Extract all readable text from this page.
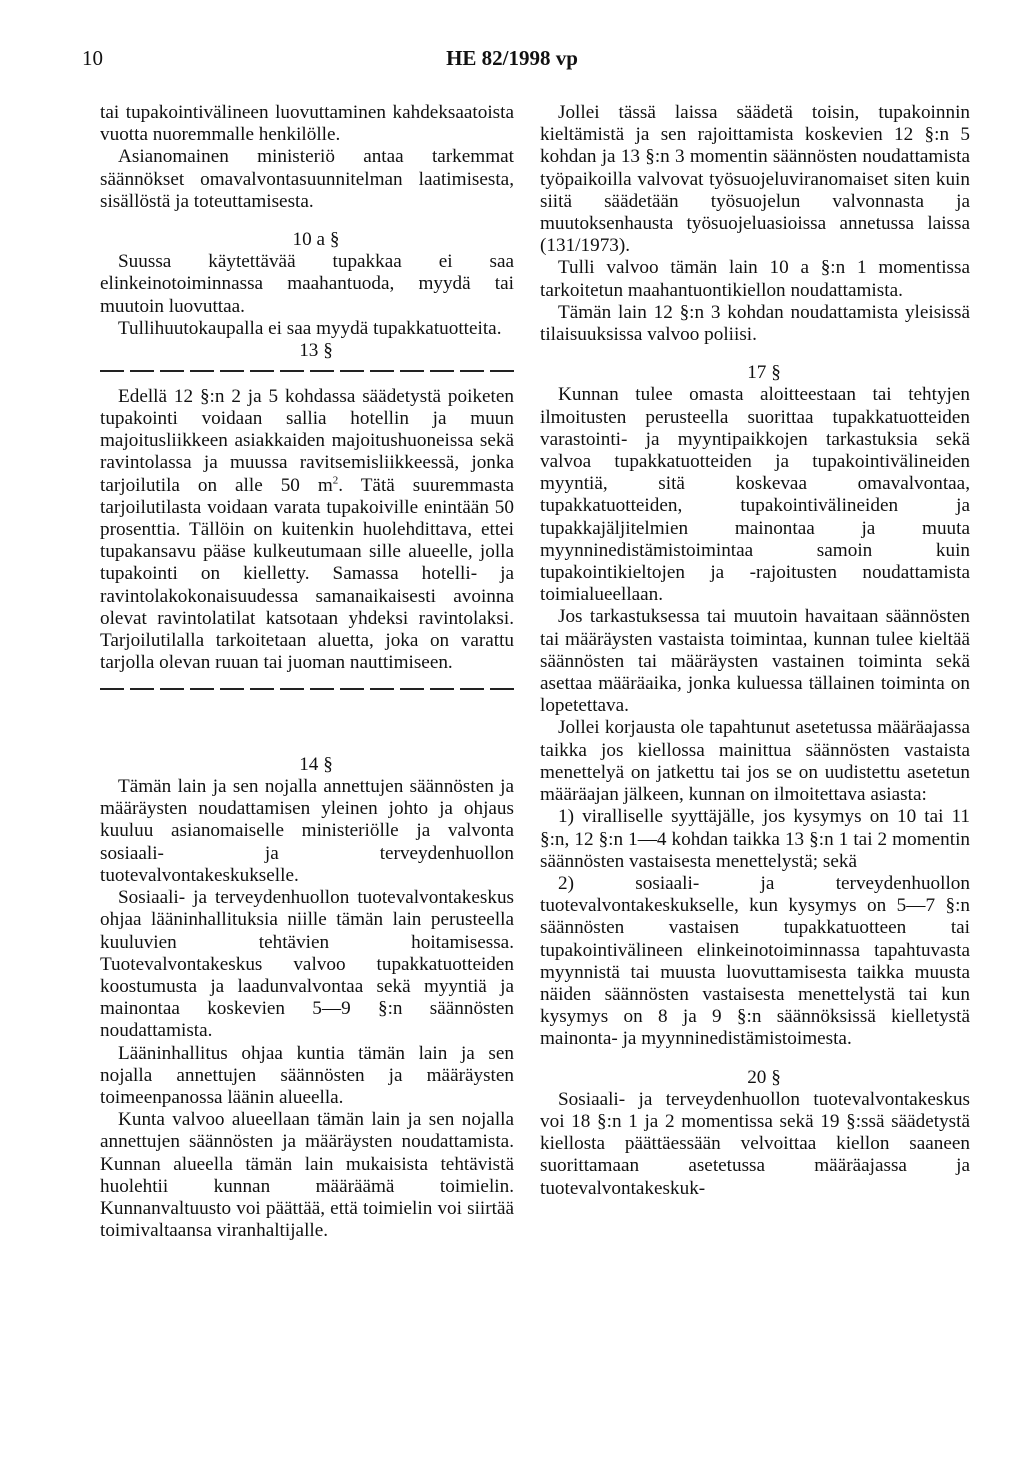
10	HE 82/1998 vp

tai tupakointivälineen luovuttaminen kahdeksaatoista vuotta nuoremmalle henkilölle.

Asianomainen ministeriö antaa tarkemmat säännökset omavalvontasuunnitelman laatimisesta, sisällöstä ja toteuttamisesta.

10 a §

Suussa käytettävää tupakkaa ei saa elinkeinotoiminnassa maahantuoda, myydä tai muutoin luovuttaa.

Tullihuutokaupalla ei saa myydä tupakkatuotteita.

13 §

Edellä 12 §:n 2 ja 5 kohdassa säädetystä poiketen tupakointi voidaan sallia hotellin ja muun majoitusliikkeen asiakkaiden majoitushuoneissa sekä ravintolassa ja muussa ravitsemisliikkeessä, jonka tarjoilutila on alle 50 $m^2$. Tätä suuremmasta tarjoilutilasta voidaan varata tupakoiville enintään 50 prosenttia. Tällöin on kuitenkin huolehdittava, ettei tupakansavu pääse kulkeutumaan sille alueelle, jolla tupakointi on kielletty. Samassa hotelli- ja ravintolakokonaisuudessa samanaikaisesti avoinna olevat ravintolatilat katsotaan yhdeksi ravintolaksi. Tarjoilutilalla tarkoitetaan aluetta, joka on varattu tarjolla olevan ruuan tai juoman nauttimiseen.

14 §

Tämän lain ja sen nojalla annettujen säännösten ja määräysten noudattamisen yleinen johto ja ohjaus kuuluu asianomaiselle ministeriölle ja valvonta sosiaali- ja terveydenhuollon tuotevalvontakeskukselle.

Sosiaali- ja terveydenhuollon tuotevalvontakeskus ohjaa lääninhallituksia niille tämän lain perusteella kuuluvien tehtävien hoitamisessa. Tuotevalvontakeskus valvoo tupakkatuotteiden koostumusta ja laadunvalvontaa sekä myyntiä ja mainontaa koskevien 5—9 §:n säännösten noudattamista.

Lääninhallitus ohjaa kuntia tämän lain ja sen nojalla annettujen säännösten ja määräysten toimeenpanossa läänin alueella.

Kunta valvoo alueellaan tämän lain ja sen nojalla annettujen säännösten ja määräysten noudattamista. Kunnan alueella tämän lain mukaisista tehtävistä huolehtii kunnan määräämä toimielin. Kunnanvaltuusto voi päättää, että toimielin voi siirtää toimivaltaansa viranhaltijalle.

Jollei tässä laissa säädetä toisin, tupakoinnin kieltämistä ja sen rajoittamista koskevien 12 §:n 5 kohdan ja 13 §:n 3 momentin säännösten noudattamista työpaikoilla valvovat työsuojeluviranomaiset siten kuin siitä säädetään työsuojelun valvonnasta ja muutoksenhausta työsuojeluasioissa annetussa laissa (131/1973).

Tulli valvoo tämän lain 10 a §:n 1 momentissa tarkoitetun maahantuontikiellon noudattamista.

Tämän lain 12 §:n 3 kohdan noudattamista yleisissä tilaisuuksissa valvoo poliisi.

17 §

Kunnan tulee omasta aloitteestaan tai tehtyjen ilmoitusten perusteella suorittaa tupakkatuotteiden varastointi- ja myyntipaikkojen tarkastuksia sekä valvoa tupakkatuotteiden ja tupakointivälineiden myyntiä, sitä koskevaa omavalvontaa, tupakkatuotteiden, tupakointivälineiden ja tupakkajäljitelmien mainontaa ja muuta myynninedistämistoimintaa samoin kuin tupakointikieltojen ja -rajoitusten noudattamista toimialueellaan.

Jos tarkastuksessa tai muutoin havaitaan säännösten tai määräysten vastaista toimintaa, kunnan tulee kieltää säännösten tai määräysten vastainen toiminta sekä asettaa määräaika, jonka kuluessa tällainen toiminta on lopetettava.

Jollei korjausta ole tapahtunut asetetussa määräajassa taikka jos kiellossa mainittua säännösten vastaista menettelyä on jatkettu tai jos se on uudistettu asetetun määräajan jälkeen, kunnan on ilmoitettava asiasta:

1) viralliselle syyttäjälle, jos kysymys on 10 tai 11 §:n, 12 §:n 1—4 kohdan taikka 13 §:n 1 tai 2 momentin säännösten vastaisesta menettelystä; sekä

2) sosiaali- ja terveydenhuollon tuotevalvontakeskukselle, kun kysymys on 5—7 §:n säännösten vastaisen tupakkatuotteen tai tupakointivälineen elinkeinotoiminnassa tapahtuvasta myynnistä tai muusta luovuttamisesta taikka muusta näiden säännösten vastaisesta menettelystä tai kun kysymys on 8 ja 9 §:n säännöksissä kielletystä mainonta- ja myynninedistämistoimesta.

20 §

Sosiaali- ja terveydenhuollon tuotevalvontakeskus voi 18 §:n 1 ja 2 momentissa sekä 19 §:ssä säädetystä kiellosta päättäessään velvoittaa kiellon saaneen suorittamaan asetetussa määräajassa ja tuotevalvontakeskuk-
